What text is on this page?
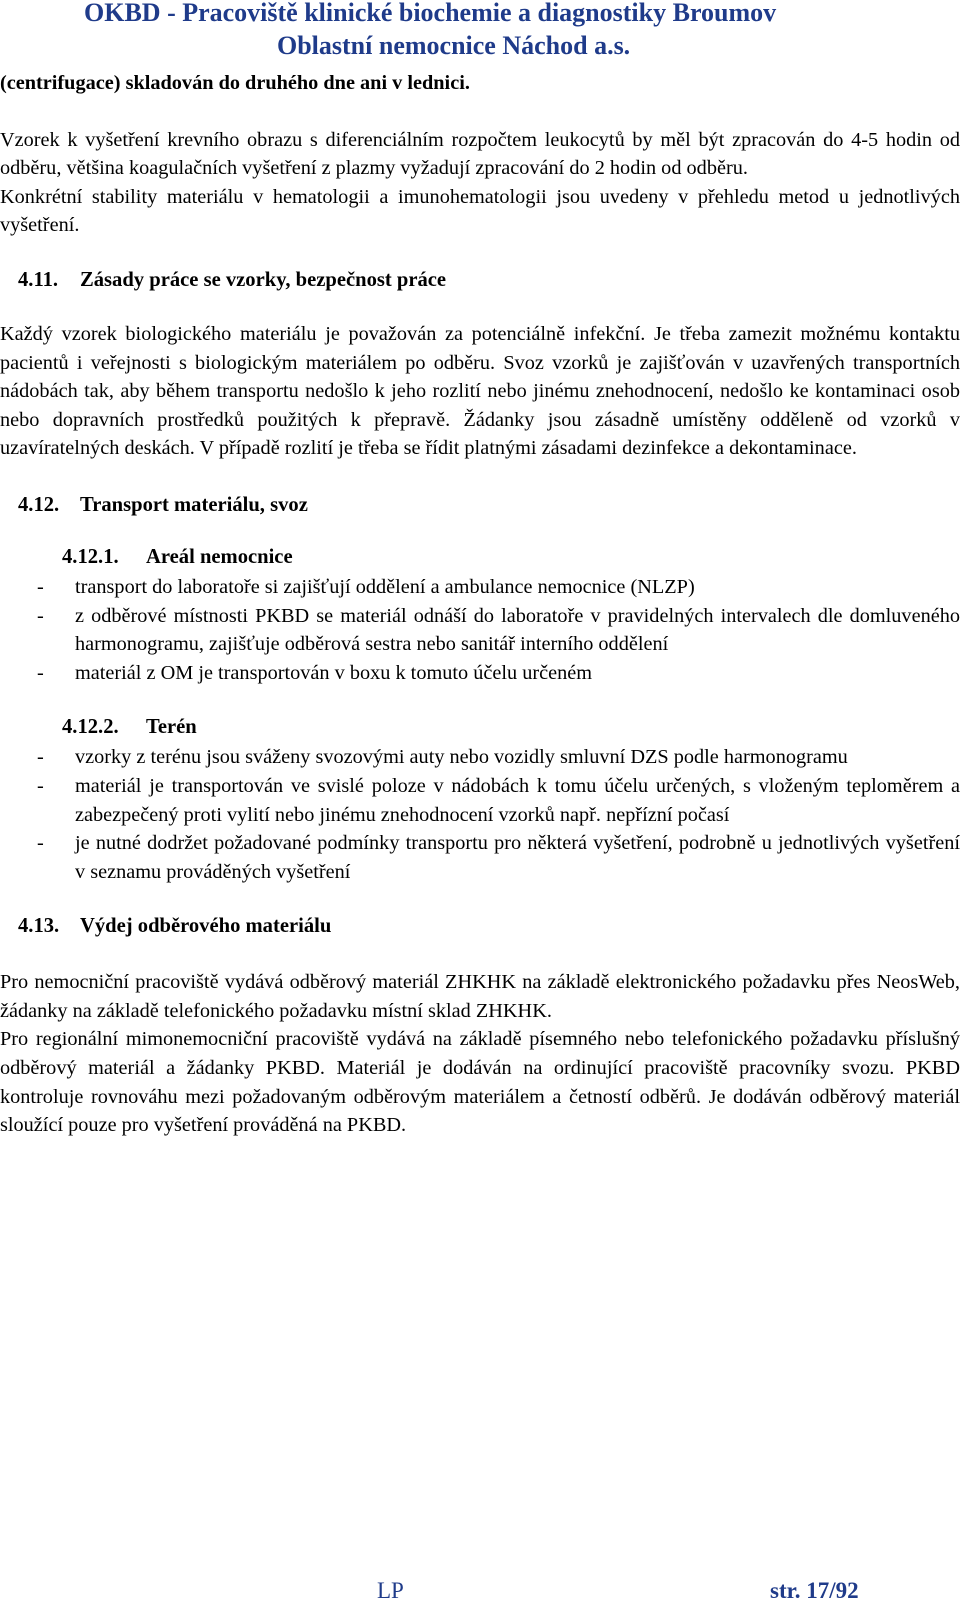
OKBD - Pracoviště klinické biochemie a diagnostiky Broumov
Oblastní nemocnice Náchod a.s.

(centrifugace) skladován do druhého dne ani v lednici.

Vzorek k vyšetření krevního obrazu s diferenciálním rozpočtem leukocytů by měl být zpracován do 4-5 hodin od odběru, většina koagulačních vyšetření z plazmy vyžadují zpracování do 2 hodin od odběru.

Konkrétní stability materiálu v hematologii a imunohematologii jsou uvedeny v přehledu metod u jednotlivých vyšetření.

4.11. Zásady práce se vzorky, bezpečnost práce

Každý vzorek biologického materiálu je považován za potenciálně infekční. Je třeba zamezit možnému kontaktu pacientů i veřejnosti s biologickým materiálem po odběru. Svoz vzorků je zajišťován v uzavřených transportních nádobách tak, aby během transportu nedošlo k jeho rozlití nebo jinému znehodnocení, nedošlo ke kontaminaci osob nebo dopravních prostředků použitých k přepravě. Žádanky jsou zásadně umístěny odděleně od vzorků v uzavíratelných deskách. V případě rozlití je třeba se řídit platnými zásadami dezinfekce a dekontaminace.

4.12. Transport materiálu, svoz
4.12.1. Areál nemocnice
- transport do laboratoře si zajišťují oddělení a ambulance nemocnice (NLZP)
- z odběrové místnosti PKBD se materiál odnáší do laboratoře v pravidelných intervalech dle domluveného harmonogramu, zajišťuje odběrová sestra nebo sanitář interního oddělení
- materiál z OM je transportován v boxu k tomuto účelu určeném
4.12.2. Terén
- vzorky z terénu jsou sváženy svozovými auty nebo vozidly smluvní DZS podle harmonogramu
- materiál je transportován ve svislé poloze v nádobách k tomu účelu určených, s vloženým teploměrem a zabezpečený proti vylití nebo jinému znehodnocení vzorků např. nepřízní počasí
- je nutné dodržet požadované podmínky transportu pro některá vyšetření, podrobně u jednotlivých vyšetření v seznamu prováděných vyšetření
4.13. Výdej odběrového materiálu

Pro nemocniční pracoviště vydává odběrový materiál ZHKHK na základě elektronického požadavku přes NeosWeb, žádanky na základě telefonického požadavku místní sklad ZHKHK.

Pro regionální mimonemocniční pracoviště vydává na základě písemného nebo telefonického požadavku příslušný odběrový materiál a žádanky PKBD. Materiál je dodáván na ordinující pracoviště pracovníky svozu. PKBD kontroluje rovnováhu mezi požadovaným odběrovým materiálem a četností odběrů. Je dodáván odběrový materiál sloužící pouze pro vyšetření prováděná na PKBD.

LP	str. 17/92
